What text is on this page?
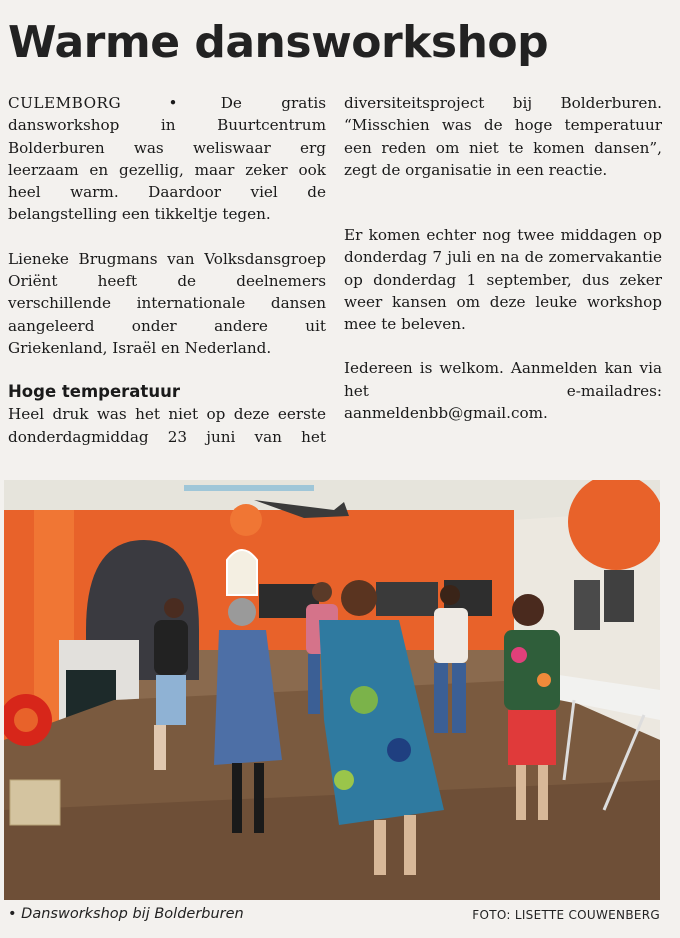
Warme dansworkshop

CULEMBORG	•	De gratis dansworkshop in Buurtcentrum Bolderburen was weliswaar erg leerzaam en gezellig, maar zeker ook heel warm. Daardoor viel de belangstelling een tikkeltje tegen.

Lieneke Brugmans van Volksdansgroep Oriënt heeft de deelnemers verschillende internationale dansen aangeleerd onder andere uit Griekenland, Israël en Nederland.

Hoge temperatuur

Heel druk was het niet op deze eerste donderdagmiddag 23 juni van het

diversiteitsproject bij Bolderburen. “Misschien was de hoge temperatuur een reden om niet te komen dansen”, zegt de organisatie in een reactie.

Er komen echter nog twee middagen op donderdag 7 juli en na de zomervakantie op donderdag 1 september, dus zeker weer kansen om deze leuke workshop mee te beleven.

Iedereen is welkom. Aanmelden kan via het e-mailadres: aanmeldenbb@gmail.com.

• Dansworkshop bij Bolderburen	FOTO: LISETTE COUWENBERG
